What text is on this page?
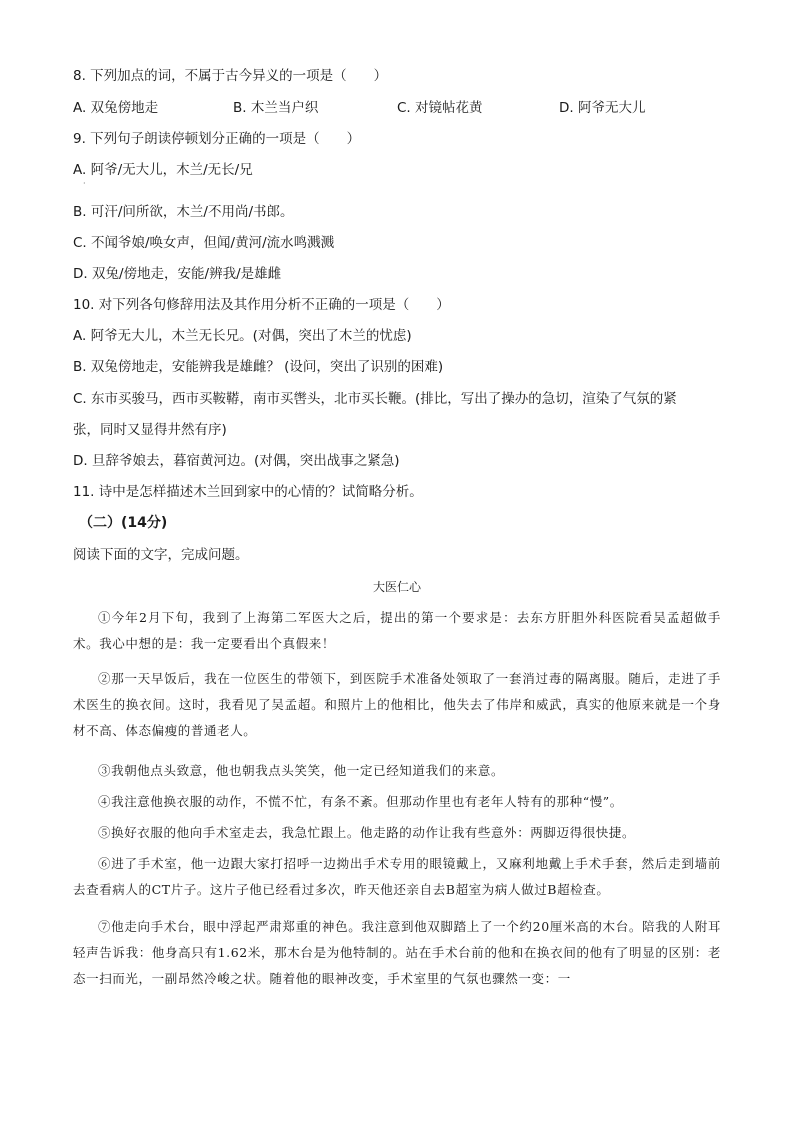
8. 下列加点的词，不属于古今异义的一项是（　　）
A. 双兔傍地走	B. 木兰当户织	C. 对镜帖花黄	D. 阿爷无大儿
9. 下列句子朗读停顿划分正确的一项是（　　）
A. 阿爷/无大儿，木兰/无长/兄
·
B. 可汗/问所欲，木兰/不用尚/书郎。
C. 不闻爷娘/唤女声，但闻/黄河/流水鸣溅溅
D. 双兔/傍地走，安能/辨我/是雄雌
10. 对下列各句修辞用法及其作用分析不正确的一项是（　　）
A. 阿爷无大儿，木兰无长兄。(对偶，突出了木兰的忧虑)
B. 双兔傍地走，安能辨我是雄雌？ (设问，突出了识别的困难)
C. 东市买骏马，西市买鞍鞯，南市买辔头，北市买长鞭。(排比，写出了操办的急切，渲染了气氛的紧
张，同时又显得井然有序)
D. 旦辞爷娘去，暮宿黄河边。(对偶，突出战事之紧急)
11. 诗中是怎样描述木兰回到家中的心情的？试简略分析。
（二）(14分)
阅读下面的文字，完成问题。
大医仁心
①今年2月下旬，我到了上海第二军医大之后，提出的第一个要求是：去东方肝胆外科医院看吴孟超做手术。我心中想的是：我一定要看出个真假来！
②那一天早饭后，我在一位医生的带领下，到医院手术准备处领取了一套消过毒的隔离服。随后，走进了手术医生的换衣间。这时，我看见了吴孟超。和照片上的他相比，他失去了伟岸和威武，真实的他原来就是一个身材不高、体态偏瘦的普通老人。
③我朝他点头致意，他也朝我点头笑笑，他一定已经知道我们的来意。
④我注意他换衣服的动作，不慌不忙，有条不紊。但那动作里也有老年人特有的那种“慢”。
⑤换好衣服的他向手术室走去，我急忙跟上。他走路的动作让我有些意外：两脚迈得很快捷。
⑥进了手术室，他一边跟大家打招呼一边拗出手术专用的眼镜戴上，又麻利地戴上手术手套，然后走到墙前去查看病人的CT片子。这片子他已经看过多次，昨天他还亲自去B超室为病人做过B超检查。
⑦他走向手术台，眼中浮起严肃郑重的神色。我注意到他双脚踏上了一个约20厘米高的木台。陪我的人附耳轻声告诉我：他身高只有1.62米，那木台是为他特制的。站在手术台前的他和在换衣间的他有了明显的区别：老态一扫而光，一副昂然冷峻之状。随着他的眼神改变，手术室里的气氛也骤然一变：一
